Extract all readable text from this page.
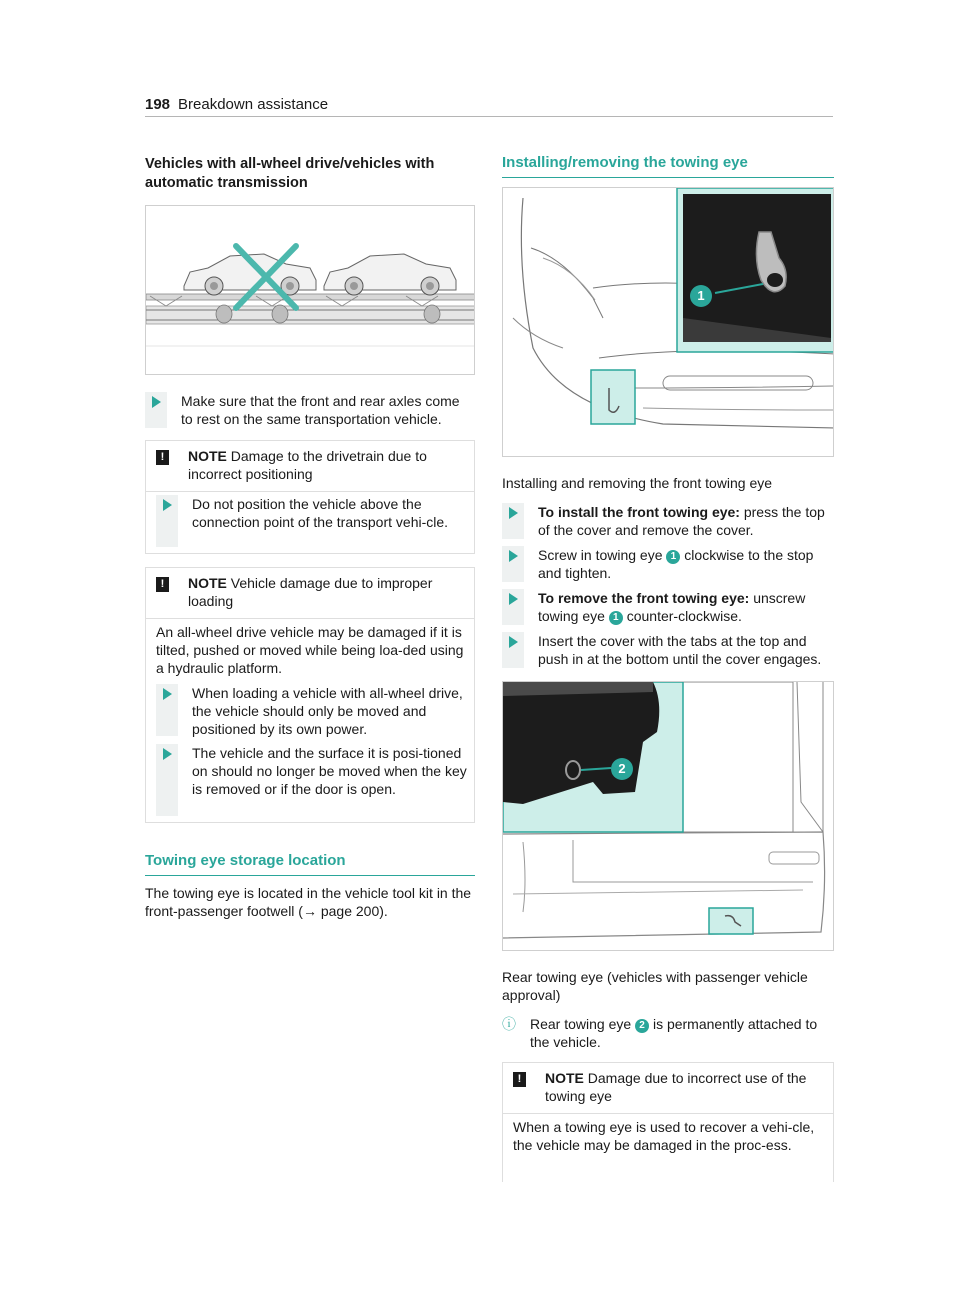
198 Breakdown assistance
Vehicles with all-wheel drive/vehicles with automatic transmission
Make sure that the front and rear axles come to rest on the same transportation vehicle.
!	NOTE Damage to the drivetrain due to incorrect positioning
Do not position the vehicle above the connection point of the transport vehi-cle.
!	NOTE Vehicle damage due to improper loading
An all-wheel drive vehicle may be damaged if it is tilted, pushed or moved while being loa-ded using a hydraulic platform.
When loading a vehicle with all-wheel drive, the vehicle should only be moved and positioned by its own power.
The vehicle and the surface it is posi-tioned on should no longer be moved when the key is removed or if the door is open.
Towing eye storage location
The towing eye is located in the vehicle tool kit in the front-passenger footwell (→ page 200).
Installing/removing the towing eye
1
Installing and removing the front towing eye
To install the front towing eye: press the top of the cover and remove the cover.
Screw in towing eye 1 clockwise to the stop and tighten.
To remove the front towing eye: unscrew towing eye 1 counter-clockwise.
Insert the cover with the tabs at the top and push in at the bottom until the cover engages.
2
Rear towing eye (vehicles with passenger vehicle approval)
ⓘ Rear towing eye 2 is permanently attached to the vehicle.
!	NOTE Damage due to incorrect use of the towing eye
When a towing eye is used to recover a vehi-cle, the vehicle may be damaged in the proc-ess.
